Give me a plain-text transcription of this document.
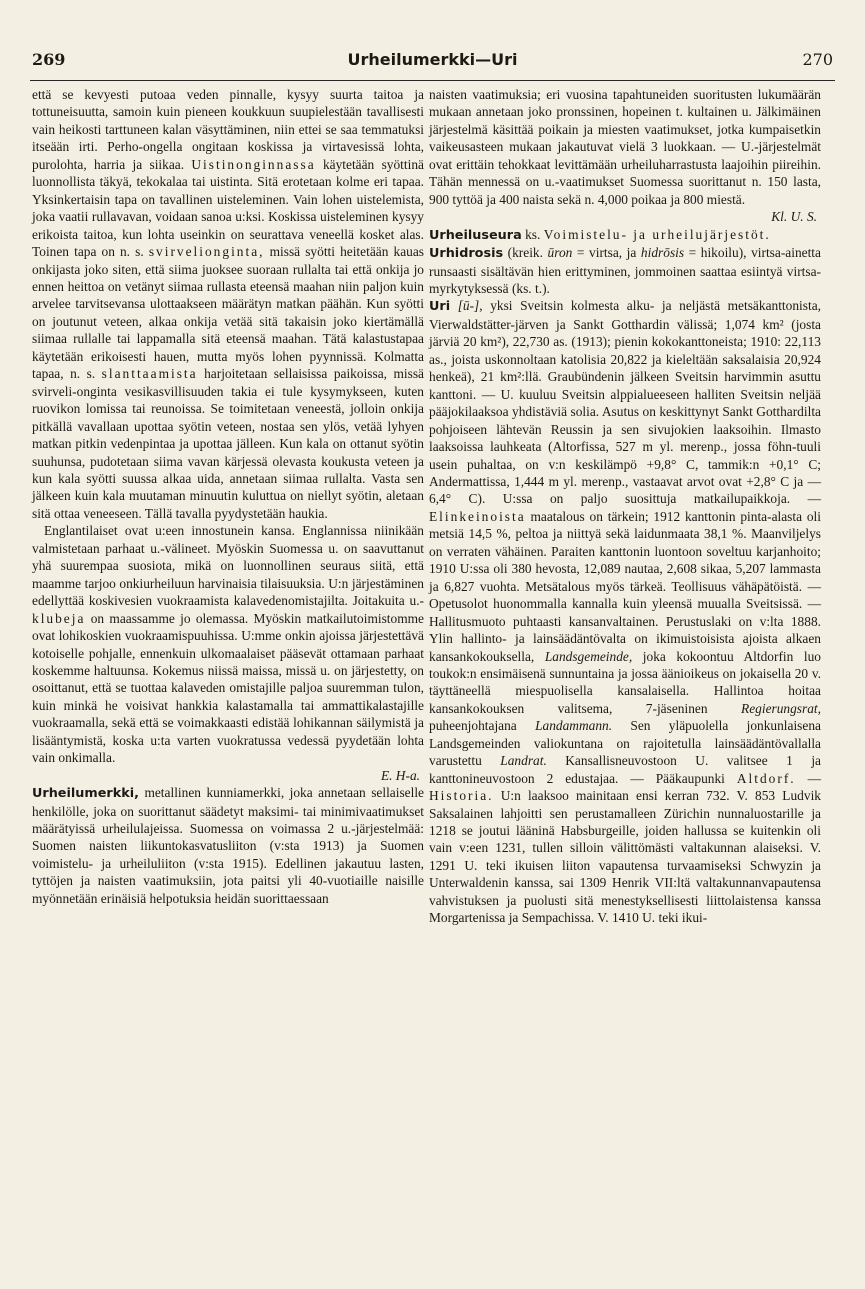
269	Urheilumerkki—Uri	270

että se kevyesti putoaa veden pinnalle, kysyy suurta taitoa ja tottuneisuutta, samoin kuin pieneen koukkuun suupielestään tavallisesti vain heikosti tarttuneen kalan väsyttäminen, niin ettei se saa temmatuksi itseään irti. Perho-ongella ongitaan koskissa ja virtavesissä lohta, purolohta, harria ja siikaa. Uistinonginnassa käytetään syöttinä luonnollista täkyä, tekokalaa tai uistinta. Sitä erotetaan kolme eri tapaa. Yksinkertaisin tapa on tavallinen uisteleminen. Vain lohen uistelemista, joka vaatii rullavavan, voidaan sanoa u:ksi. Koskissa uisteleminen kysyy erikoista taitoa, kun lohta useinkin on seurattava veneellä kosket alas. Toinen tapa on n. s. svirvelionginta, missä syötti heitetään kauas onkijasta joko siten, että siima juoksee suoraan rullalta tai että onkija jo ennen heittoa on vetänyt siimaa rullasta eteensä maahan niin paljon kuin arvelee tarvitsevansa ulottaakseen määrätyn matkan päähän. Kun syötti on joutunut veteen, alkaa onkija vetää sitä takaisin joko kiertämällä siimaa rullalle tai lappamalla sitä eteensä maahan. Tätä kalastustapaa käytetään erikoisesti hauen, mutta myös lohen pyynnissä. Kolmatta tapaa, n. s. slanttaamista harjoitetaan sellaisissa paikoissa, missä svirveli-onginta vesikasvillisuuden takia ei tule kysymykseen, kuten ruovikon lomissa tai reunoissa. Se toimitetaan veneestä, jolloin onkija pitkällä vavallaan upottaa syötin veteen, nostaa sen ylös, vetää lyhyen matkan pitkin vedenpintaa ja upottaa jälleen. Kun kala on ottanut syötin suuhunsa, pudotetaan siima vavan kärjessä olevasta koukusta veteen ja kun kala syötti suussa alkaa uida, annetaan siimaa rullalta. Vasta sen jälkeen kuin kala muutaman minuutin kuluttua on niellyt syötin, aletaan sitä ottaa veneeseen. Tällä tavalla pyydystetään haukia.

Englantilaiset ovat u:een innostunein kansa. Englannissa niinikään valmistetaan parhaat u.-välineet. Myöskin Suomessa u. on saavuttanut yhä suurempaa suosiota, mikä on luonnollinen seuraus siitä, että maamme tarjoo onkiurheiluun harvinaisia tilaisuuksia. U:n järjestäminen edellyttää koskivesien vuokraamista kalavedenomistajilta. Joitakuita u.-klubeja on maassamme jo olemassa. Myöskin matkailutoimistomme ovat lohikoskien vuokraamispuuhissa. U:mme onkin ajoissa järjestettävä kotoiselle pohjalle, ennenkuin ulkomaalaiset pääsevät ottamaan parhaat koskemme haltuunsa. Kokemus niissä maissa, missä u. on järjestetty, on osoittanut, että se tuottaa kalaveden omistajille paljoa suuremman tulon, kuin minkä he voisivat hankkia kalastamalla tai ammattikalastajille vuokraamalla, sekä että se voimakkaasti edistää lohikannan säilymistä ja lisääntymistä, koska u:ta varten vuokratussa vedessä pyydetään lohta vain onkimalla.

E. H-a.

Urheilumerkki, metallinen kunniamerkki, joka annetaan sellaiselle henkilölle, joka on suorittanut säädetyt maksimi- tai minimivaatimukset määrätyissä urheilulajeissa. Suomessa on voimassa 2 u.-järjestelmää: Suomen naisten liikuntokasvatusliiton (v:sta 1913) ja Suomen voimistelu- ja urheiluliiton (v:sta 1915). Edellinen jakautuu lasten, tyttöjen ja naisten vaatimuksiin, jota paitsi yli 40-vuotiaille naisille myönnetään erinäisiä helpotuksia heidän suorittaessaan

naisten vaatimuksia; eri vuosina tapahtuneiden suoritusten lukumäärän mukaan annetaan joko pronssinen, hopeinen t. kultainen u. Jälkimäinen järjestelmä käsittää poikain ja miesten vaatimukset, jotka kumpaisetkin vaikeusasteen mukaan jakautuvat vielä 3 luokkaan. — U.-järjestelmät ovat erittäin tehokkaat levittämään urheiluharrastusta laajoihin piireihin. Tähän mennessä on u.-vaatimukset Suomessa suorittanut n. 150 lasta, 900 tyttöä ja 400 naista sekä n. 4,000 poikaa ja 800 miestä.

Kl. U. S.

Urheiluseura ks. Voimistelu- ja urheilujärjestöt.

Urhidrosis (kreik. ūron = virtsa, ja hidrōsis = hikoilu), virtsa-ainetta runsaasti sisältävän hien erittyminen, jommoinen saattaa esiintyä virtsa-myrkytyksessä (ks. t.).

Uri [ū-], yksi Sveitsin kolmesta alku- ja neljästä metsäkanttonista, Vierwaldstätter-järven ja Sankt Gotthardin välissä; 1,074 km² (josta järviä 20 km²), 22,730 as. (1913); pienin kokokanttoneista; 1910: 22,113 as., joista uskonnoltaan katolisia 20,822 ja kieleltään saksalaisia 20,924 henkeä), 21 km²:llä. Graubündenin jälkeen Sveitsin harvimmin asuttu kanttoni. — U. kuuluu Sveitsin alppialueeseen halliten Sveitsin neljää pääjokilaaksoa yhdistäviä solia. Asutus on keskittynyt Sankt Gotthardilta pohjoiseen lähtevän Reussin ja sen sivujokien laaksoihin. Ilmasto laaksoissa lauhkeata (Altorfissa, 527 m yl. merenp., jossa föhn-tuuli usein puhaltaa, on v:n keskilämpö +9,8° C, tammik:n +0,1° C; Andermattissa, 1,444 m yl. merenp., vastaavat arvot ovat +2,8° C ja —6,4° C). U:ssa on paljo suosittuja matkailupaikkoja. — Elinkeinoista maatalous on tärkein; 1912 kanttonin pinta-alasta oli metsiä 14,5 %, peltoa ja niittyä sekä laidunmaata 38,1 %. Maanviljelys on verraten vähäinen. Paraiten kanttonin luontoon soveltuu karjanhoito; 1910 U:ssa oli 380 hevosta, 12,089 nautaa, 2,608 sikaa, 5,207 lammasta ja 6,827 vuohta. Metsätalous myös tärkeä. Teollisuus vähäpätöistä. — Opetusolot huonommalla kannalla kuin yleensä muualla Sveitsissä. — Hallitusmuoto puhtaasti kansanvaltainen. Perustuslaki on v:lta 1888. Ylin hallinto- ja lainsäädäntövalta on ikimuistoisista ajoista alkaen kansankokouksella, Landsgemeinde, joka kokoontuu Altdorfin luo toukok:n ensimäisenä sunnuntaina ja jossa äänioikeus on jokaisella 20 v. täyttäneellä miespuolisella kansalaisella. Hallintoa hoitaa kansankokouksen valitsema, 7-jäseninen Regierungsrat, puheenjohtajana Landammann. Sen yläpuolella jonkunlaisena Landsgemeinden valiokuntana on rajoitetulla lainsäädäntövallalla varustettu Landrat. Kansallisneuvostoon U. valitsee 1 ja kanttonineuvostoon 2 edustajaa. — Pääkaupunki Altdorf. — Historia. U:n laaksoo mainitaan ensi kerran 732. V. 853 Ludvik Saksalainen lahjoitti sen perustamalleen Zürichin nunnaluostarille ja 1218 se joutui lääninä Habsburgeille, joiden hallussa se kuitenkin oli vain v:een 1231, tullen silloin välittömästi valtakunnan alaiseksi. V. 1291 U. teki ikuisen liiton vapautensa turvaamiseksi Schwyzin ja Unterwaldenin kanssa, sai 1309 Henrik VII:ltä valtakunnanvapautensa vahvistuksen ja puolusti sitä menestyksellisesti liittolaistensa kanssa Morgartenissa ja Sempachissa. V. 1410 U. teki ikui-
